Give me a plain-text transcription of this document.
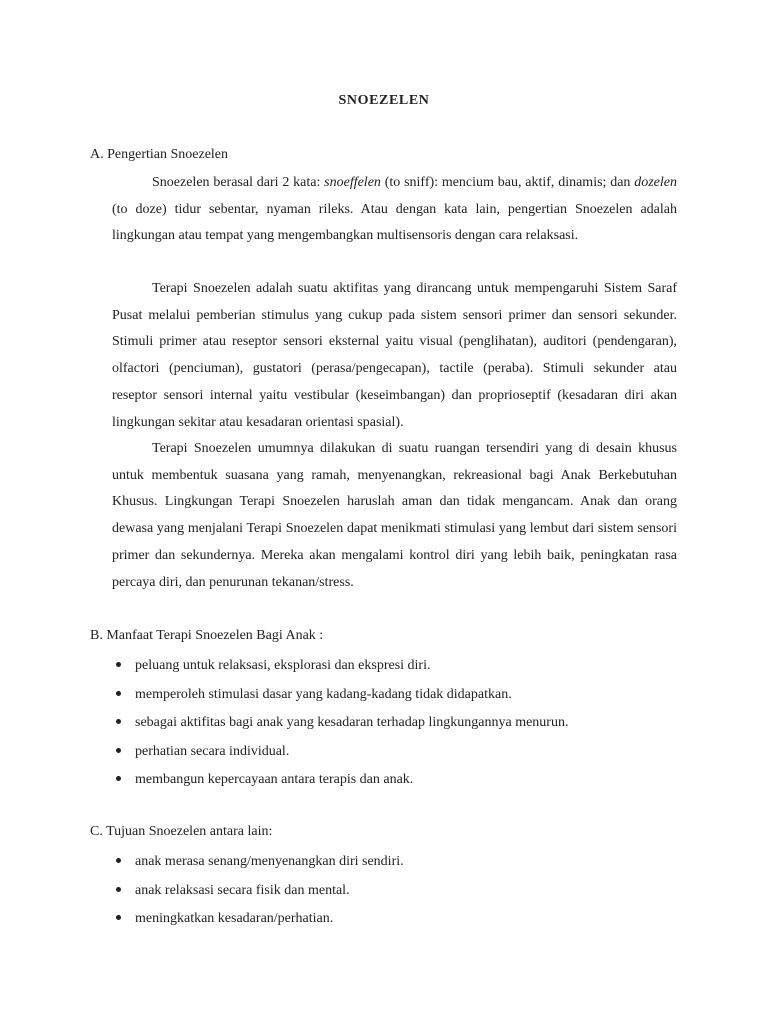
SNOEZELEN
A. Pengertian Snoezelen

Snoezelen berasal dari 2 kata: snoeffelen (to sniff): mencium bau, aktif, dinamis; dan dozelen (to doze) tidur sebentar, nyaman rileks. Atau dengan kata lain, pengertian Snoezelen adalah lingkungan atau tempat yang mengembangkan multisensoris dengan cara relaksasi.

Terapi Snoezelen adalah suatu aktifitas yang dirancang untuk mempengaruhi Sistem Saraf Pusat melalui pemberian stimulus yang cukup pada sistem sensori primer dan sensori sekunder. Stimuli primer atau reseptor sensori eksternal yaitu visual (penglihatan), auditori (pendengaran), olfactori (penciuman), gustatori (perasa/pengecapan), tactile (peraba). Stimuli sekunder atau reseptor sensori internal yaitu vestibular (keseimbangan) dan proprioseptif (kesadaran diri akan lingkungan sekitar atau kesadaran orientasi spasial).

Terapi Snoezelen umumnya dilakukan di suatu ruangan tersendiri yang di desain khusus untuk membentuk suasana yang ramah, menyenangkan, rekreasional bagi Anak Berkebutuhan Khusus. Lingkungan Terapi Snoezelen haruslah aman dan tidak mengancam. Anak dan orang dewasa yang menjalani Terapi Snoezelen dapat menikmati stimulasi yang lembut dari sistem sensori primer dan sekundernya. Mereka akan mengalami kontrol diri yang lebih baik, peningkatan rasa percaya diri, dan penurunan tekanan/stress.

B. Manfaat Terapi Snoezelen Bagi Anak :
peluang untuk relaksasi, eksplorasi dan ekspresi diri.
memperoleh stimulasi dasar yang kadang-kadang tidak didapatkan.
sebagai aktifitas bagi anak yang kesadaran terhadap lingkungannya menurun.
perhatian secara individual.
membangun kepercayaan antara terapis dan anak.
C. Tujuan Snoezelen antara lain:
anak merasa senang/menyenangkan diri sendiri.
anak relaksasi secara fisik dan mental.
meningkatkan kesadaran/perhatian.
